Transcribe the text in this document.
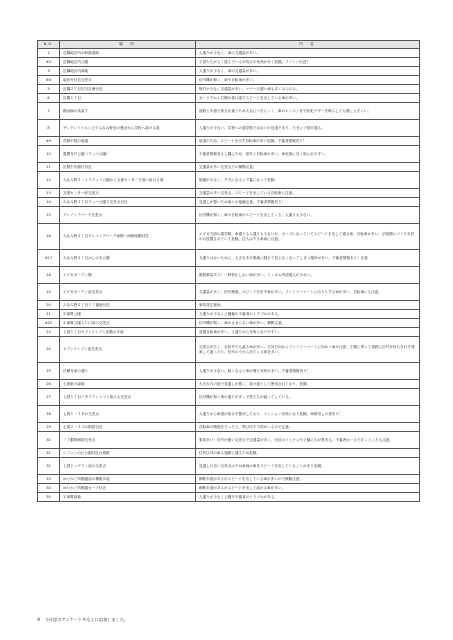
NO	場　所	内　容
1	近隣地区内の幹線道路	人通りが少なく、車の交通量が多い。
※2	近隣地区内公園	子供たちがよく遊んでいるが茂みや死角が多く危険。イノシシ出没！
3	近隣地区内緑地	人通りが少なく、車の交通量が多い。
※4	堀田寺付近交差点	信号機が無く、車や自転車が多い。
5	近隣２丁目空川自徳付近	街灯が少なく交通量が多い。マナーの悪い車も多くみられる。
6	近隣１丁目	ガード下から右側の抜け道でスピードを出している車が多い。
7	横浜線の高架下	道路と歩道で高さが違うため人目につきにくく、車のエンジン音で防犯ブザーを鳴らしても聞こえずらい。
8	サンクレイドル八王子みなみ野壱の裏径から学校へ抜ける道	人通りが少ない。学校への通学路ではないが近道であり、たまに子供が通る。
※9	宮線中段の坂道	坂道のため、スピードを出す自転車が多い危険。不審者情報有り！
10	霞間寺戸公園（ラッパ公園）	不審者情報有るし隣にため、意外と自転車が多い。車表面に近く取られやすい。
11	出製中央銀行付近	交通量が多い交差点での横断注意。
12	みなみ野３－１３ラッパ公園から支援センター方面へ抜ける道	街頭が少なく、夕方になると夕暮になって危険。
13	支援センター前交差点	交通量の多い交差点。スピードを出している自転車に注意。
14	みなみ野３丁目ラッパ公園下交差点付近	見通しが悪いため車との接触注意。不審者情報有り！
15	グレイシアパーク交差点	信号機が無く、車や自転車がスピードを出してくる。人通りも少ない。
16	みなみ野４丁目グレイシアパーク南側〜両都座橋付近	エゲガ方面の通学路。車通りも人通りも少ないが、カーブになっていてスピードを出して通る車、自転車が多い。法面側にゴミや木材がお放置されていて危険。住人はする車両に注意。
※17	みなみ野４丁目かしの木公園	大通りはないために、大きな木や築地に隠れて見えなくなってしまう場所が多い。不審者情報あり！注意
18	エゲガガーデン側	階段事故あり！一時停止しない車が多い。トンネル内清掃人が少ない。
19	エゲガガーデン前交差点	交通量が多く、信号無視、スピードを出す車が多い。ファミリーマートに出入りする車が多い、自転車にも注意。
20	みなみ野４丁目１７番地付近	事故発生箇所。
21	宇津貫公園	人通りが少なく公園輪や不審者のトラブルがある。
※22	宇津貫公園入り口前の交差点	信号機が無く、車が止まらない事が多い。横断注意。
23	七国１丁目セブンイレブン北側の歩道	放置自転車が多い。人通りから死角になりやすい。
24	セブンイレブン前交差点	交差点が広く、赤信号でも渡る車が多い。反対方向からファミリーマートに向かう車が注意、左側に寄って道路に信号を待ちきれず発車して渡ったり、信号のでから出てくる車を多い。
25	法蔵寺前の通り	人通りが少ない。暗くなると車が増え死角が多い。不審者情報有り！
26	七国東六緑地	大きな石の陰で見通しが悪く、抜け道として使用されており、危険。
27	七国１丁目イタリアントマト抜ける交差点	信号機が無く車の通りが多く子供たちが渡ってしている。
28	七国１－１８の交差点	人通りから車道が抜けず使用しており、マンション死角になり危険。車使用しの者有り！
29	七国２－３３の階段付近	自転車の階段をそったり、飛び出す子供がいるので注意。
30	ノア動物病院交差点	事故多い！信号が無い交差点で交通量が多く、付近のコンビニや公園に人が集まる。不審者か一人で歩くところも注意。
31	シフォンの丘公園付近の道路	住民以外の車も頻繁に通るため危険。
32	七国ドッグラン前の交差点	見通しの良い交差点のため車両が車をスピードを出していることがあり危険。
33	ゆりかご幼稚園前の横断歩道	横断歩道があるがスピードを出している車が多いので横断注意。
34	ゆりかご幼稚園カーブ付近	横断歩道があるがスピードを出して曲がる車が多い。
35	宇津貫緑地	人通りが少なく公園や不審者のトラブルがある。
※　今年度のアンケート多もとに追加しました。
